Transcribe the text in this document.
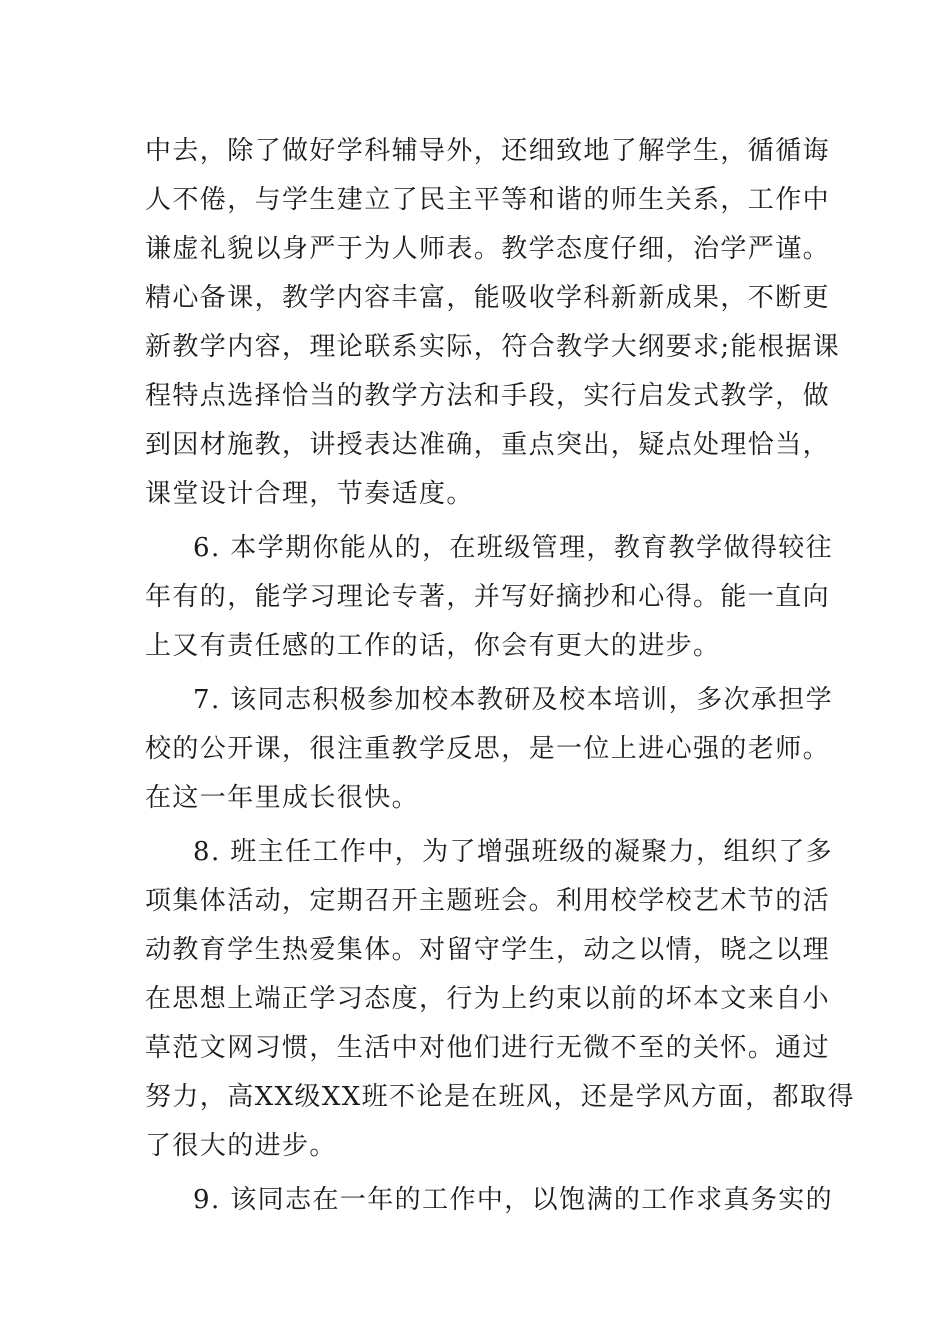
中去，除了做好学科辅导外，还细致地了解学生，循循诲
人不倦，与学生建立了民主平等和谐的师生关系，工作中
谦虚礼貌以身严于为人师表。教学态度仔细，治学严谨。
精心备课，教学内容丰富，能吸收学科新新成果，不断更
新教学内容，理论联系实际，符合教学大纲要求;能根据课
程特点选择恰当的教学方法和手段，实行启发式教学，做
到因材施教，讲授表达准确，重点突出，疑点处理恰当，
课堂设计合理，节奏适度。
6. 本学期你能从的，在班级管理，教育教学做得较往
年有的，能学习理论专著，并写好摘抄和心得。能一直向
上又有责任感的工作的话，你会有更大的进步。
7. 该同志积极参加校本教研及校本培训，多次承担学
校的公开课，很注重教学反思，是一位上进心强的老师。
在这一年里成长很快。
8. 班主任工作中，为了增强班级的凝聚力，组织了多
项集体活动，定期召开主题班会。利用校学校艺术节的活
动教育学生热爱集体。对留守学生，动之以情，晓之以理
在思想上端正学习态度，行为上约束以前的坏本文来自小
草范文网习惯，生活中对他们进行无微不至的关怀。通过
努力，高XX级XX班不论是在班风，还是学风方面，都取得
了很大的进步。
9. 该同志在一年的工作中，以饱满的工作求真务实的
